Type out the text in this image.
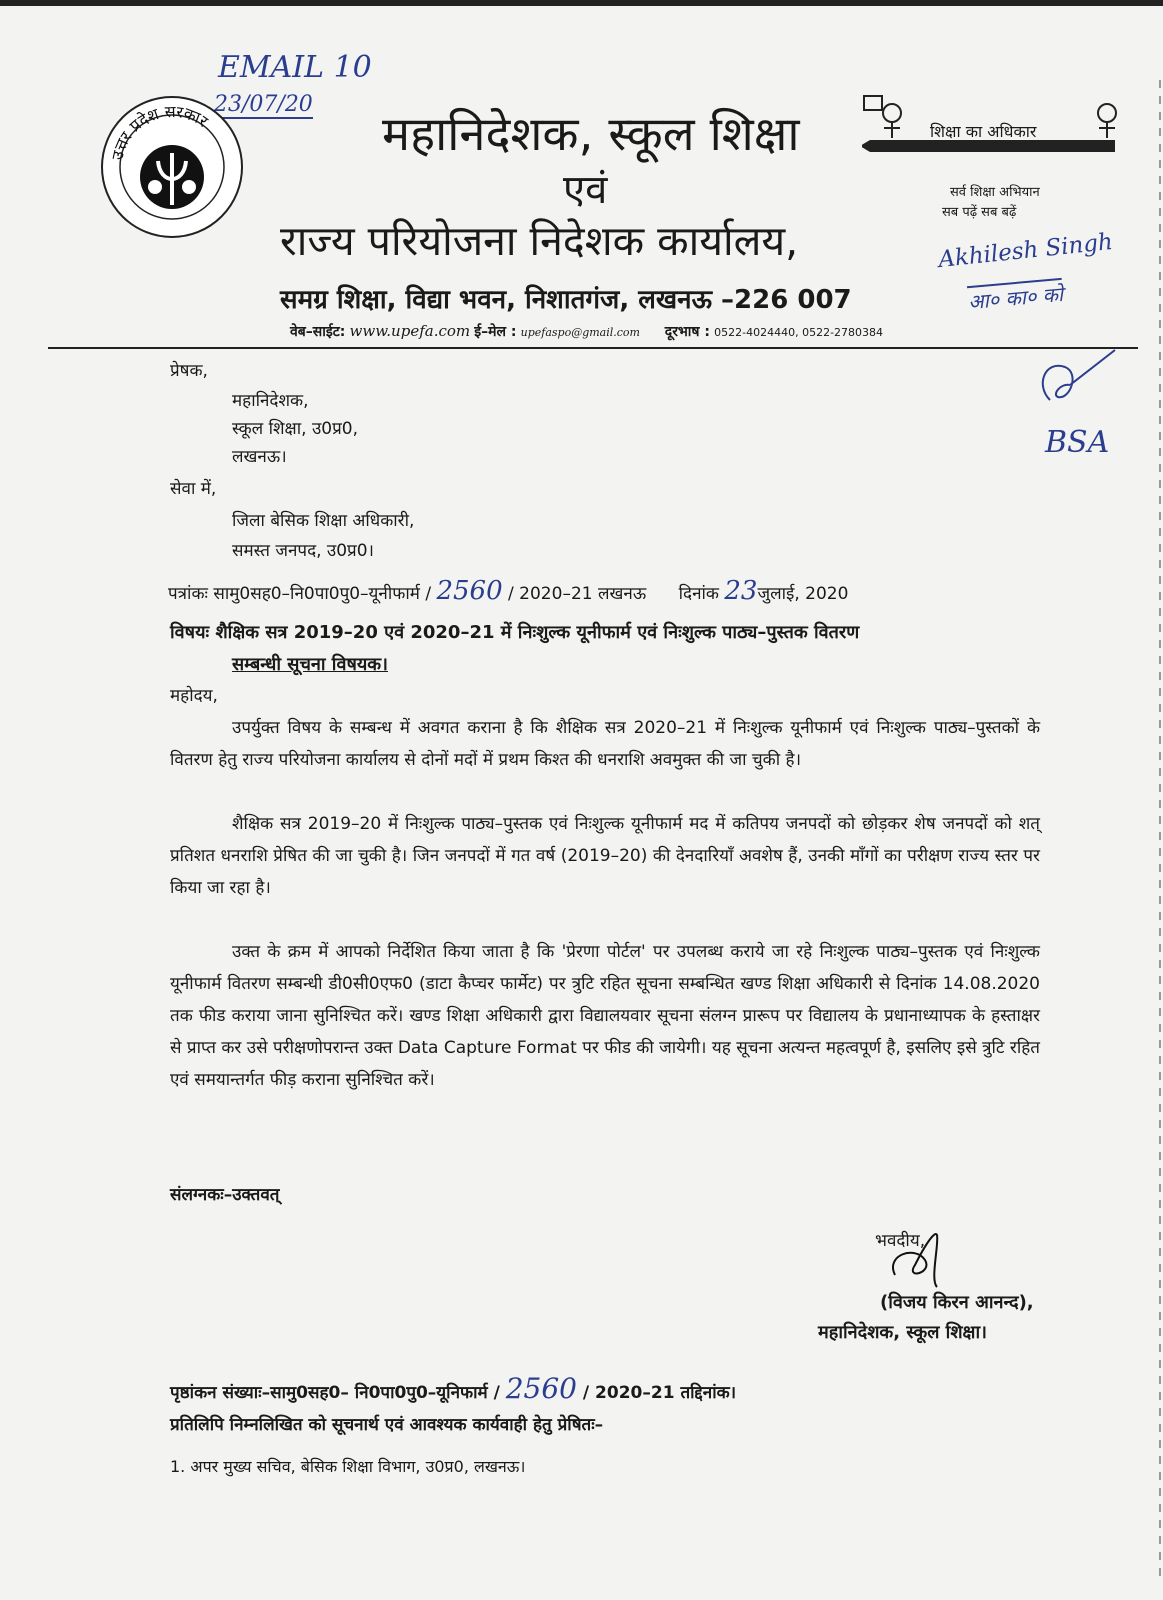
EMAIL 10
23/07/20
Akhilesh Singh
आ० का० को
BSA
उत्तर प्रदेश सरकार
शिक्षा का अधिकार
सर्व शिक्षा अभियान
सब पढ़ें सब बढ़ें
महानिदेशक, स्कूल शिक्षा
एवं
राज्य परियोजना निदेशक कार्यालय,
समग्र शिक्षा, विद्या भवन, निशातगंज, लखनऊ –226 007
वेब–साईट: www.upefa.com ई–मेल : upefaspo@gmail.com दूरभाष : 0522-4024440, 0522-2780384
प्रेषक,
महानिदेशक,
स्कूल शिक्षा, उ0प्र0,
लखनऊ।
सेवा में,
जिला बेसिक शिक्षा अधिकारी,
समस्त जनपद, उ0प्र0।
पत्रांकः सामु0सह0–नि0पा0पु0–यूनीफार्म / 2560 / 2020–21 लखनऊ दिनांक 23जुलाई, 2020
विषयः शैक्षिक सत्र 2019–20 एवं 2020–21 में निःशुल्क यूनीफार्म एवं निःशुल्क पाठ्य–पुस्तक वितरण
सम्बन्धी सूचना विषयक।
महोदय,
उपर्युक्त विषय के सम्बन्ध में अवगत कराना है कि शैक्षिक सत्र 2020–21 में निःशुल्क यूनीफार्म एवं निःशुल्क पाठ्य–पुस्तकों के वितरण हेतु राज्य परियोजना कार्यालय से दोनों मदों में प्रथम किश्त की धनराशि अवमुक्त की जा चुकी है।
शैक्षिक सत्र 2019–20 में निःशुल्क पाठ्य–पुस्तक एवं निःशुल्क यूनीफार्म मद में कतिपय जनपदों को छोड़कर शेष जनपदों को शत् प्रतिशत धनराशि प्रेषित की जा चुकी है। जिन जनपदों में गत वर्ष (2019–20) की देनदारियाँ अवशेष हैं, उनकी माँगों का परीक्षण राज्य स्तर पर किया जा रहा है।
उक्त के क्रम में आपको निर्देशित किया जाता है कि 'प्रेरणा पोर्टल' पर उपलब्ध कराये जा रहे निःशुल्क पाठ्य–पुस्तक एवं निःशुल्क यूनीफार्म वितरण सम्बन्धी डी0सी0एफ0 (डाटा कैप्चर फार्मेट) पर त्रुटि रहित सूचना सम्बन्धित खण्ड शिक्षा अधिकारी से दिनांक 14.08.2020 तक फीड कराया जाना सुनिश्चित करें। खण्ड शिक्षा अधिकारी द्वारा विद्यालयवार सूचना संलग्न प्रारूप पर विद्यालय के प्रधानाध्यापक के हस्ताक्षर से प्राप्त कर उसे परीक्षणोपरान्त उक्त Data Capture Format पर फीड की जायेगी। यह सूचना अत्यन्त महत्वपूर्ण है, इसलिए इसे त्रुटि रहित एवं समयान्तर्गत फीड़ कराना सुनिश्चित करें।
संलग्नकः–उक्तवत्
भवदीय,
(विजय किरन आनन्द),
महानिदेशक, स्कूल शिक्षा।
पृष्ठांकन संख्याः–सामु0सह0– नि0पा0पु0–यूनिफार्म / 2560 / 2020–21 तद्दिनांक।
प्रतिलिपि निम्नलिखित को सूचनार्थ एवं आवश्यक कार्यवाही हेतु प्रेषितः–
1. अपर मुख्य सचिव, बेसिक शिक्षा विभाग, उ0प्र0, लखनऊ।
